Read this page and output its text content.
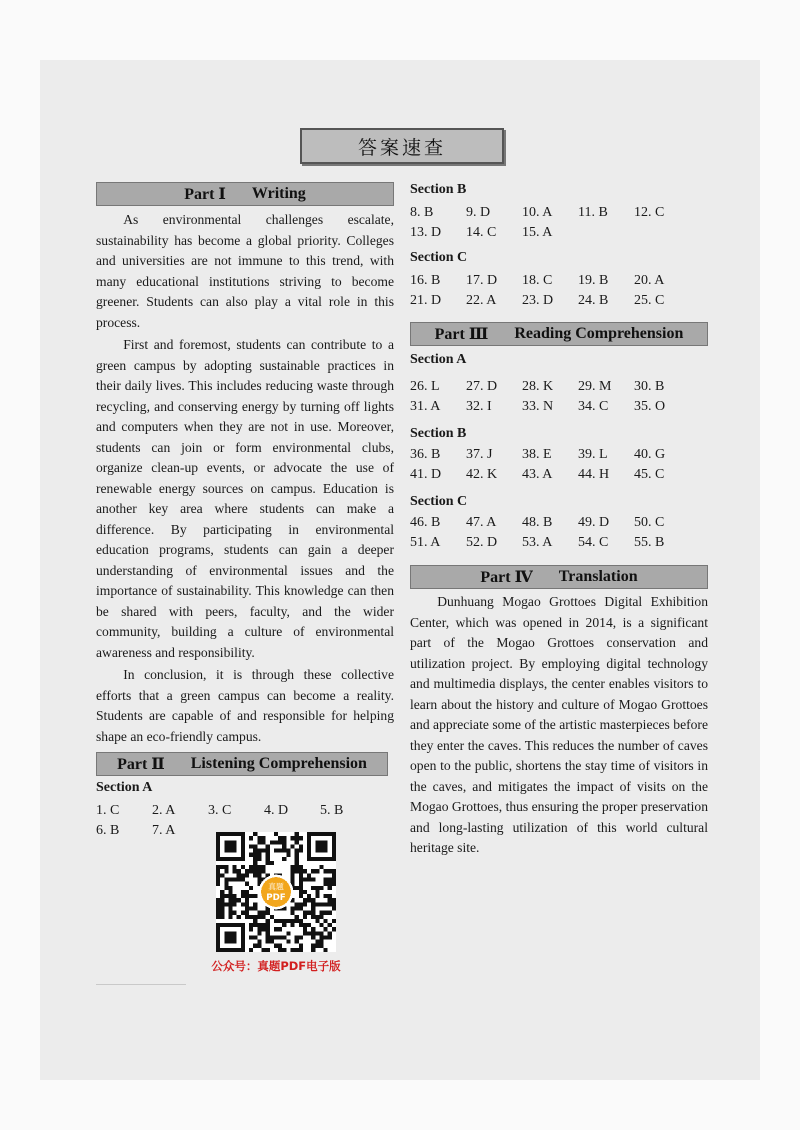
答案速查
Part Ⅰ Writing

As environmental challenges escalate, sustainability has become a global priority. Colleges and universities are not immune to this trend, with many educational institutions striving to become greener. Students can also play a vital role in this process.

First and foremost, students can contribute to a green campus by adopting sustainable practices in their daily lives. This includes reducing waste through recycling, and conserving energy by turning off lights and computers when they are not in use. Moreover, students can join or form environmental clubs, organize clean-up events, or advocate the use of renewable energy sources on campus. Education is another key area where students can make a difference. By participating in environmental education programs, students can gain a deeper understanding of environmental issues and the importance of sustainability. This knowledge can then be shared with peers, faculty, and the wider community, building a culture of environmental awareness and responsibility.

In conclusion, it is through these collective efforts that a green campus can become a reality. Students are capable of and responsible for helping shape an eco-friendly campus.

Part Ⅱ Listening Comprehension
Section A
1. C	2. A	3. C	4. D	5. B
6. B	7. A
Section B
8. B	9. D	10. A	11. B	12. C
13. D	14. C	15. A
Section C
16. B	17. D	18. C	19. B	20. A
21. D	22. A	23. D	24. B	25. C
Part Ⅲ Reading Comprehension
Section A
26. L	27. D	28. K	29. M	30. B
31. A	32. I	33. N	34. C	35. O
Section B
36. B	37. J	38. E	39. L	40. G
41. D	42. K	43. A	44. H	45. C
Section C
46. B	47. A	48. B	49. D	50. C
51. A	52. D	53. A	54. C	55. B
Part Ⅳ Translation

Dunhuang Mogao Grottoes Digital Exhibition Center, which was opened in 2014, is a significant part of the Mogao Grottoes conservation and utilization project. By employing digital technology and multimedia displays, the center enables visitors to learn about the history and culture of Mogao Grottoes and appreciate some of the artistic masterpieces before they enter the caves. This reduces the number of caves open to the public, shortens the stay time of visitors in the caves, and mitigates the impact of visits on the Mogao Grottoes, thus ensuring the proper preservation and long-lasting utilization of this world cultural heritage site.

真题
PDF
公众号：真题PDF电子版
